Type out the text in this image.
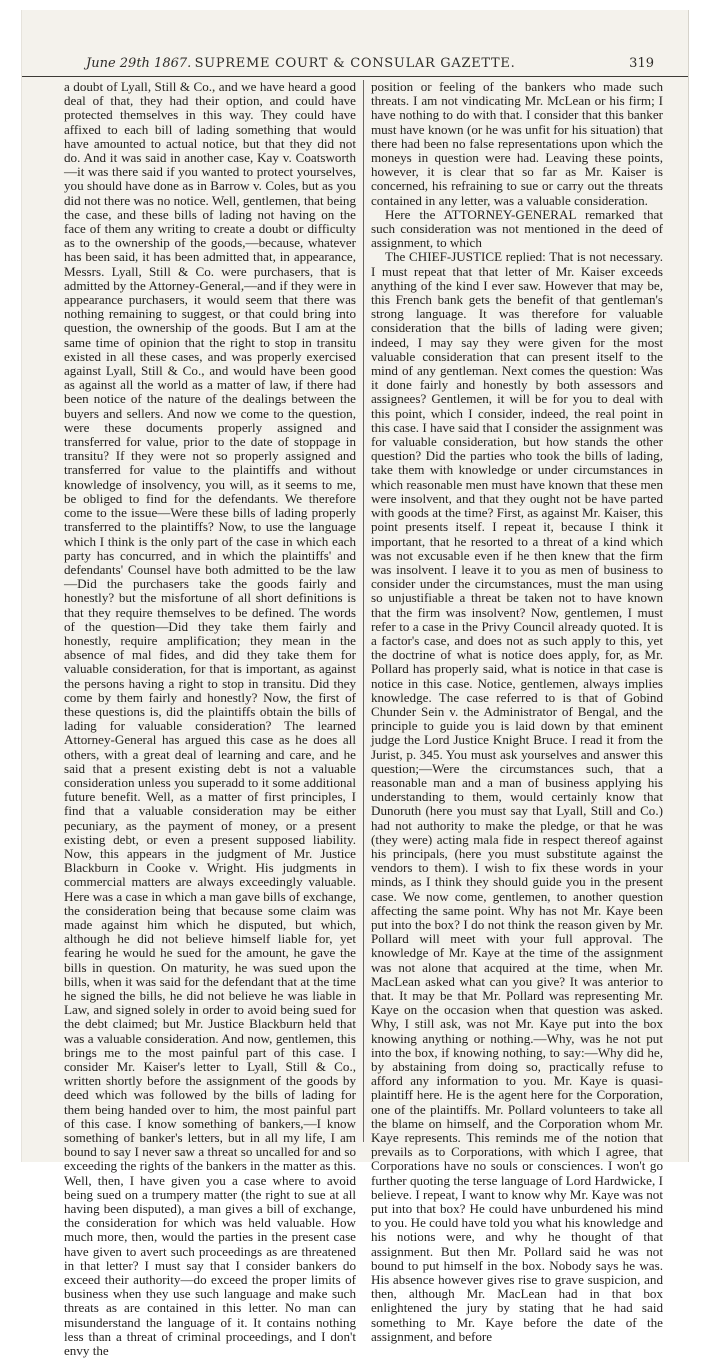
June 29th 1867. SUPREME COURT & CONSULAR GAZETTE.	319

a doubt of Lyall, Still & Co., and we have heard a good deal of that, they had their option, and could have protected themselves in this way. They could have affixed to each bill of lading something that would have amounted to actual notice, but that they did not do. And it was said in another case, Kay v. Coatsworth—it was there said if you wanted to protect yourselves, you should have done as in Barrow v. Coles, but as you did not there was no notice. Well, gentlemen, that being the case, and these bills of lading not having on the face of them any writing to create a doubt or difficulty as to the ownership of the goods,—because, whatever has been said, it has been admitted that, in appearance, Messrs. Lyall, Still & Co. were purchasers, that is admitted by the Attorney-General,—and if they were in appearance purchasers, it would seem that there was nothing remaining to suggest, or that could bring into question, the ownership of the goods. But I am at the same time of opinion that the right to stop in transitu existed in all these cases, and was properly exercised against Lyall, Still & Co., and would have been good as against all the world as a matter of law, if there had been notice of the nature of the dealings between the buyers and sellers. And now we come to the question, were these documents properly assigned and transferred for value, prior to the date of stoppage in transitu? If they were not so properly assigned and transferred for value to the plaintiffs and without knowledge of insolvency, you will, as it seems to me, be obliged to find for the defendants. We therefore come to the issue—Were these bills of lading properly transferred to the plaintiffs? Now, to use the language which I think is the only part of the case in which each party has concurred, and in which the plaintiffs' and defendants' Counsel have both admitted to be the law—Did the purchasers take the goods fairly and honestly? but the misfortune of all short definitions is that they require themselves to be defined. The words of the question—Did they take them fairly and honestly, require amplification; they mean in the absence of mal fides, and did they take them for valuable consideration, for that is important, as against the persons having a right to stop in transitu. Did they come by them fairly and honestly? Now, the first of these questions is, did the plaintiffs obtain the bills of lading for valuable consideration? The learned Attorney-General has argued this case as he does all others, with a great deal of learning and care, and he said that a present existing debt is not a valuable consideration unless you superadd to it some additional future benefit. Well, as a matter of first principles, I find that a valuable consideration may be either pecuniary, as the payment of money, or a present existing debt, or even a present supposed liability. Now, this appears in the judgment of Mr. Justice Blackburn in Cooke v. Wright. His judgments in commercial matters are always exceedingly valuable. Here was a case in which a man gave bills of exchange, the consideration being that because some claim was made against him which he disputed, but which, although he did not believe himself liable for, yet fearing he would he sued for the amount, he gave the bills in question. On maturity, he was sued upon the bills, when it was said for the defendant that at the time he signed the bills, he did not believe he was liable in Law, and signed solely in order to avoid being sued for the debt claimed; but Mr. Justice Blackburn held that was a valuable consideration. And now, gentlemen, this brings me to the most painful part of this case. I consider Mr. Kaiser's letter to Lyall, Still & Co., written shortly before the assignment of the goods by deed which was followed by the bills of lading for them being handed over to him, the most painful part of this case. I know something of bankers,—I know something of banker's letters, but in all my life, I am bound to say I never saw a threat so uncalled for and so exceeding the rights of the bankers in the matter as this. Well, then, I have given you a case where to avoid being sued on a trumpery matter (the right to sue at all having been disputed), a man gives a bill of exchange, the consideration for which was held valuable. How much more, then, would the parties in the present case have given to avert such proceedings as are threatened in that letter? I must say that I consider bankers do exceed their authority—do exceed the proper limits of business when they use such language and make such threats as are contained in this letter. No man can misunderstand the language of it. It contains nothing less than a threat of criminal proceedings, and I don't envy the

position or feeling of the bankers who made such threats. I am not vindicating Mr. McLean or his firm; I have nothing to do with that. I consider that this banker must have known (or he was unfit for his situation) that there had been no false representations upon which the moneys in question were had. Leaving these points, however, it is clear that so far as Mr. Kaiser is concerned, his refraining to sue or carry out the threats contained in any letter, was a valuable consideration.

Here the ATTORNEY-GENERAL remarked that such consideration was not mentioned in the deed of assignment, to which

The CHIEF-JUSTICE replied: That is not necessary. I must repeat that that letter of Mr. Kaiser exceeds anything of the kind I ever saw. However that may be, this French bank gets the benefit of that gentleman's strong language. It was therefore for valuable consideration that the bills of lading were given; indeed, I may say they were given for the most valuable consideration that can present itself to the mind of any gentleman. Next comes the question: Was it done fairly and honestly by both assessors and assignees? Gentlemen, it will be for you to deal with this point, which I consider, indeed, the real point in this case. I have said that I consider the assignment was for valuable consideration, but how stands the other question? Did the parties who took the bills of lading, take them with knowledge or under circumstances in which reasonable men must have known that these men were insolvent, and that they ought not be have parted with goods at the time? First, as against Mr. Kaiser, this point presents itself. I repeat it, because I think it important, that he resorted to a threat of a kind which was not excusable even if he then knew that the firm was insolvent. I leave it to you as men of business to consider under the circumstances, must the man using so unjustifiable a threat be taken not to have known that the firm was insolvent? Now, gentlemen, I must refer to a case in the Privy Council already quoted. It is a factor's case, and does not as such apply to this, yet the doctrine of what is notice does apply, for, as Mr. Pollard has properly said, what is notice in that case is notice in this case. Notice, gentlemen, always implies knowledge. The case referred to is that of Gobind Chunder Sein v. the Administrator of Bengal, and the principle to guide you is laid down by that eminent judge the Lord Justice Knight Bruce. I read it from the Jurist, p. 345. You must ask yourselves and answer this question;—Were the circumstances such, that a reasonable man and a man of business applying his understanding to them, would certainly know that Dunoruth (here you must say that Lyall, Still and Co.) had not authority to make the pledge, or that he was (they were) acting mala fide in respect thereof against his principals, (here you must substitute against the vendors to them). I wish to fix these words in your minds, as I think they should guide you in the present case. We now come, gentlemen, to another question affecting the same point. Why has not Mr. Kaye been put into the box? I do not think the reason given by Mr. Pollard will meet with your full approval. The knowledge of Mr. Kaye at the time of the assignment was not alone that acquired at the time, when Mr. MacLean asked what can you give? It was anterior to that. It may be that Mr. Pollard was representing Mr. Kaye on the occasion when that question was asked. Why, I still ask, was not Mr. Kaye put into the box knowing anything or nothing.—Why, was he not put into the box, if knowing nothing, to say:—Why did he, by abstaining from doing so, practically refuse to afford any information to you. Mr. Kaye is quasi-plaintiff here. He is the agent here for the Corporation, one of the plaintiffs. Mr. Pollard volunteers to take all the blame on himself, and the Corporation whom Mr. Kaye represents. This reminds me of the notion that prevails as to Corporations, with which I agree, that Corporations have no souls or consciences. I won't go further quoting the terse language of Lord Hardwicke, I believe. I repeat, I want to know why Mr. Kaye was not put into that box? He could have unburdened his mind to you. He could have told you what his knowledge and his notions were, and why he thought of that assignment. But then Mr. Pollard said he was not bound to put himself in the box. Nobody says he was. His absence however gives rise to grave suspicion, and then, although Mr. MacLean had in that box enlightened the jury by stating that he had said something to Mr. Kaye before the date of the assignment, and before
